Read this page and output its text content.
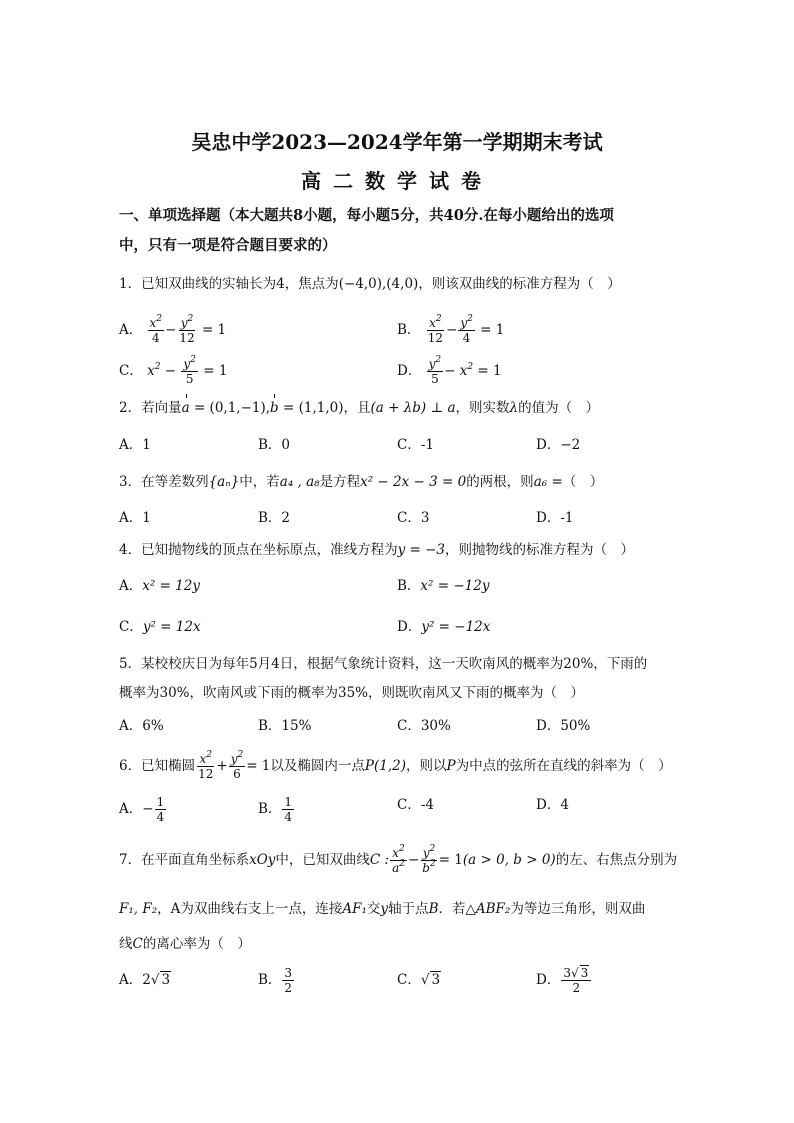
吴忠中学2023—2024学年第一学期期末考试
高二数学试卷
一、单项选择题（本大题共8小题，每小题5分，共40分.在每小题给出的选项
中，只有一项是符合题目要求的）
1．已知双曲线的实轴长为4，焦点为(−4,0),(4,0)，则该双曲线的标准方程为（　）
A． $\frac{x^2}{4} - \frac{y^2}{12} = 1$	B． $\frac{x^2}{12} - \frac{y^2}{4} = 1$
C． $x^2 - \frac{y^2}{5} = 1$	D． $\frac{y^2}{5} - x^2 = 1$
2．若向量a = (0,1,−1),b = (1,1,0)，且(a + λb) ⊥ a，则实数λ的值为（　）
A．1	B．0	C．-1	D．−2
3．在等差数列{aₙ}中，若a₄ , a₈是方程x² − 2x − 3 = 0的两根，则a₆ =（　）
A．1	B．2	C．3	D．-1
4．已知抛物线的顶点在坐标原点，准线方程为y = −3，则抛物线的标准方程为（　）
A．x² = 12y	B．x² = −12y
C．y² = 12x	D．y² = −12x
5．某校校庆日为每年5月4日，根据气象统计资料，这一天吹南风的概率为20%，下雨的
概率为30%，吹南风或下雨的概率为35%，则既吹南风又下雨的概率为（　）
A．6%	B．15%	C．30%	D．50%
6．已知椭圆 $\frac{x^2}{12} + \frac{y^2}{6} = 1$以及椭圆内一点P(1,2)，则以P为中点的弦所在直线的斜率为（　）
A．− $\frac{1}{4}$	B． $\frac{1}{4}$	C．-4	D．4
7．在平面直角坐标系xOy中，已知双曲线C : $\frac{x^2}{a^2} - \frac{y^2}{b^2} = 1(a > 0$, b > 0)的左、右焦点分别为
F₁, F₂，A为双曲线右支上一点，连接AF₁交y轴于点B．若△ABF₂为等边三角形，则双曲
线C的离心率为（　）
A．2√ 3	B． $\frac{3}{2}$	C．√ 3	D． $\frac{3√ 3}{2}$
